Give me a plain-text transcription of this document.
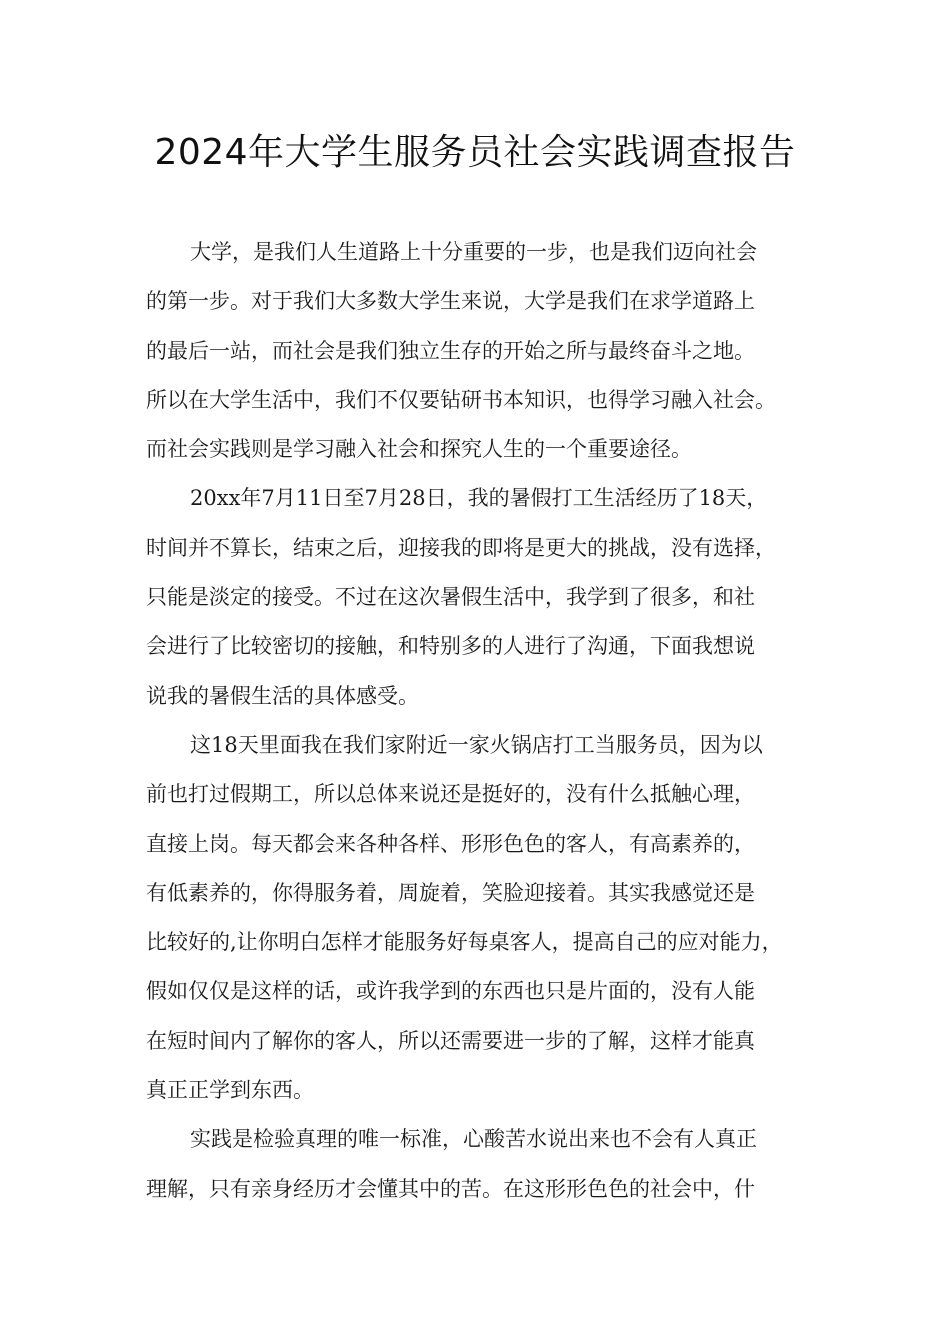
2024年大学生服务员社会实践调查报告
大学，是我们人生道路上十分重要的一步，也是我们迈向社会
的第一步。对于我们大多数大学生来说，大学是我们在求学道路上
的最后一站，而社会是我们独立生存的开始之所与最终奋斗之地。
所以在大学生活中，我们不仅要钻研书本知识，也得学习融入社会。
而社会实践则是学习融入社会和探究人生的一个重要途径。
20xx年7月11日至7月28日，我的暑假打工生活经历了18天，
时间并不算长，结束之后，迎接我的即将是更大的挑战，没有选择，
只能是淡定的接受。不过在这次暑假生活中，我学到了很多，和社
会进行了比较密切的接触，和特别多的人进行了沟通，下面我想说
说我的暑假生活的具体感受。
这18天里面我在我们家附近一家火锅店打工当服务员，因为以
前也打过假期工，所以总体来说还是挺好的，没有什么抵触心理，
直接上岗。每天都会来各种各样、形形色色的客人，有高素养的，
有低素养的，你得服务着，周旋着，笑脸迎接着。其实我感觉还是
比较好的,让你明白怎样才能服务好每桌客人，提高自己的应对能力，
假如仅仅是这样的话，或许我学到的东西也只是片面的，没有人能
在短时间内了解你的客人，所以还需要进一步的了解，这样才能真
真正正学到东西。
实践是检验真理的唯一标准，心酸苦水说出来也不会有人真正
理解，只有亲身经历才会懂其中的苦。在这形形色色的社会中，什
